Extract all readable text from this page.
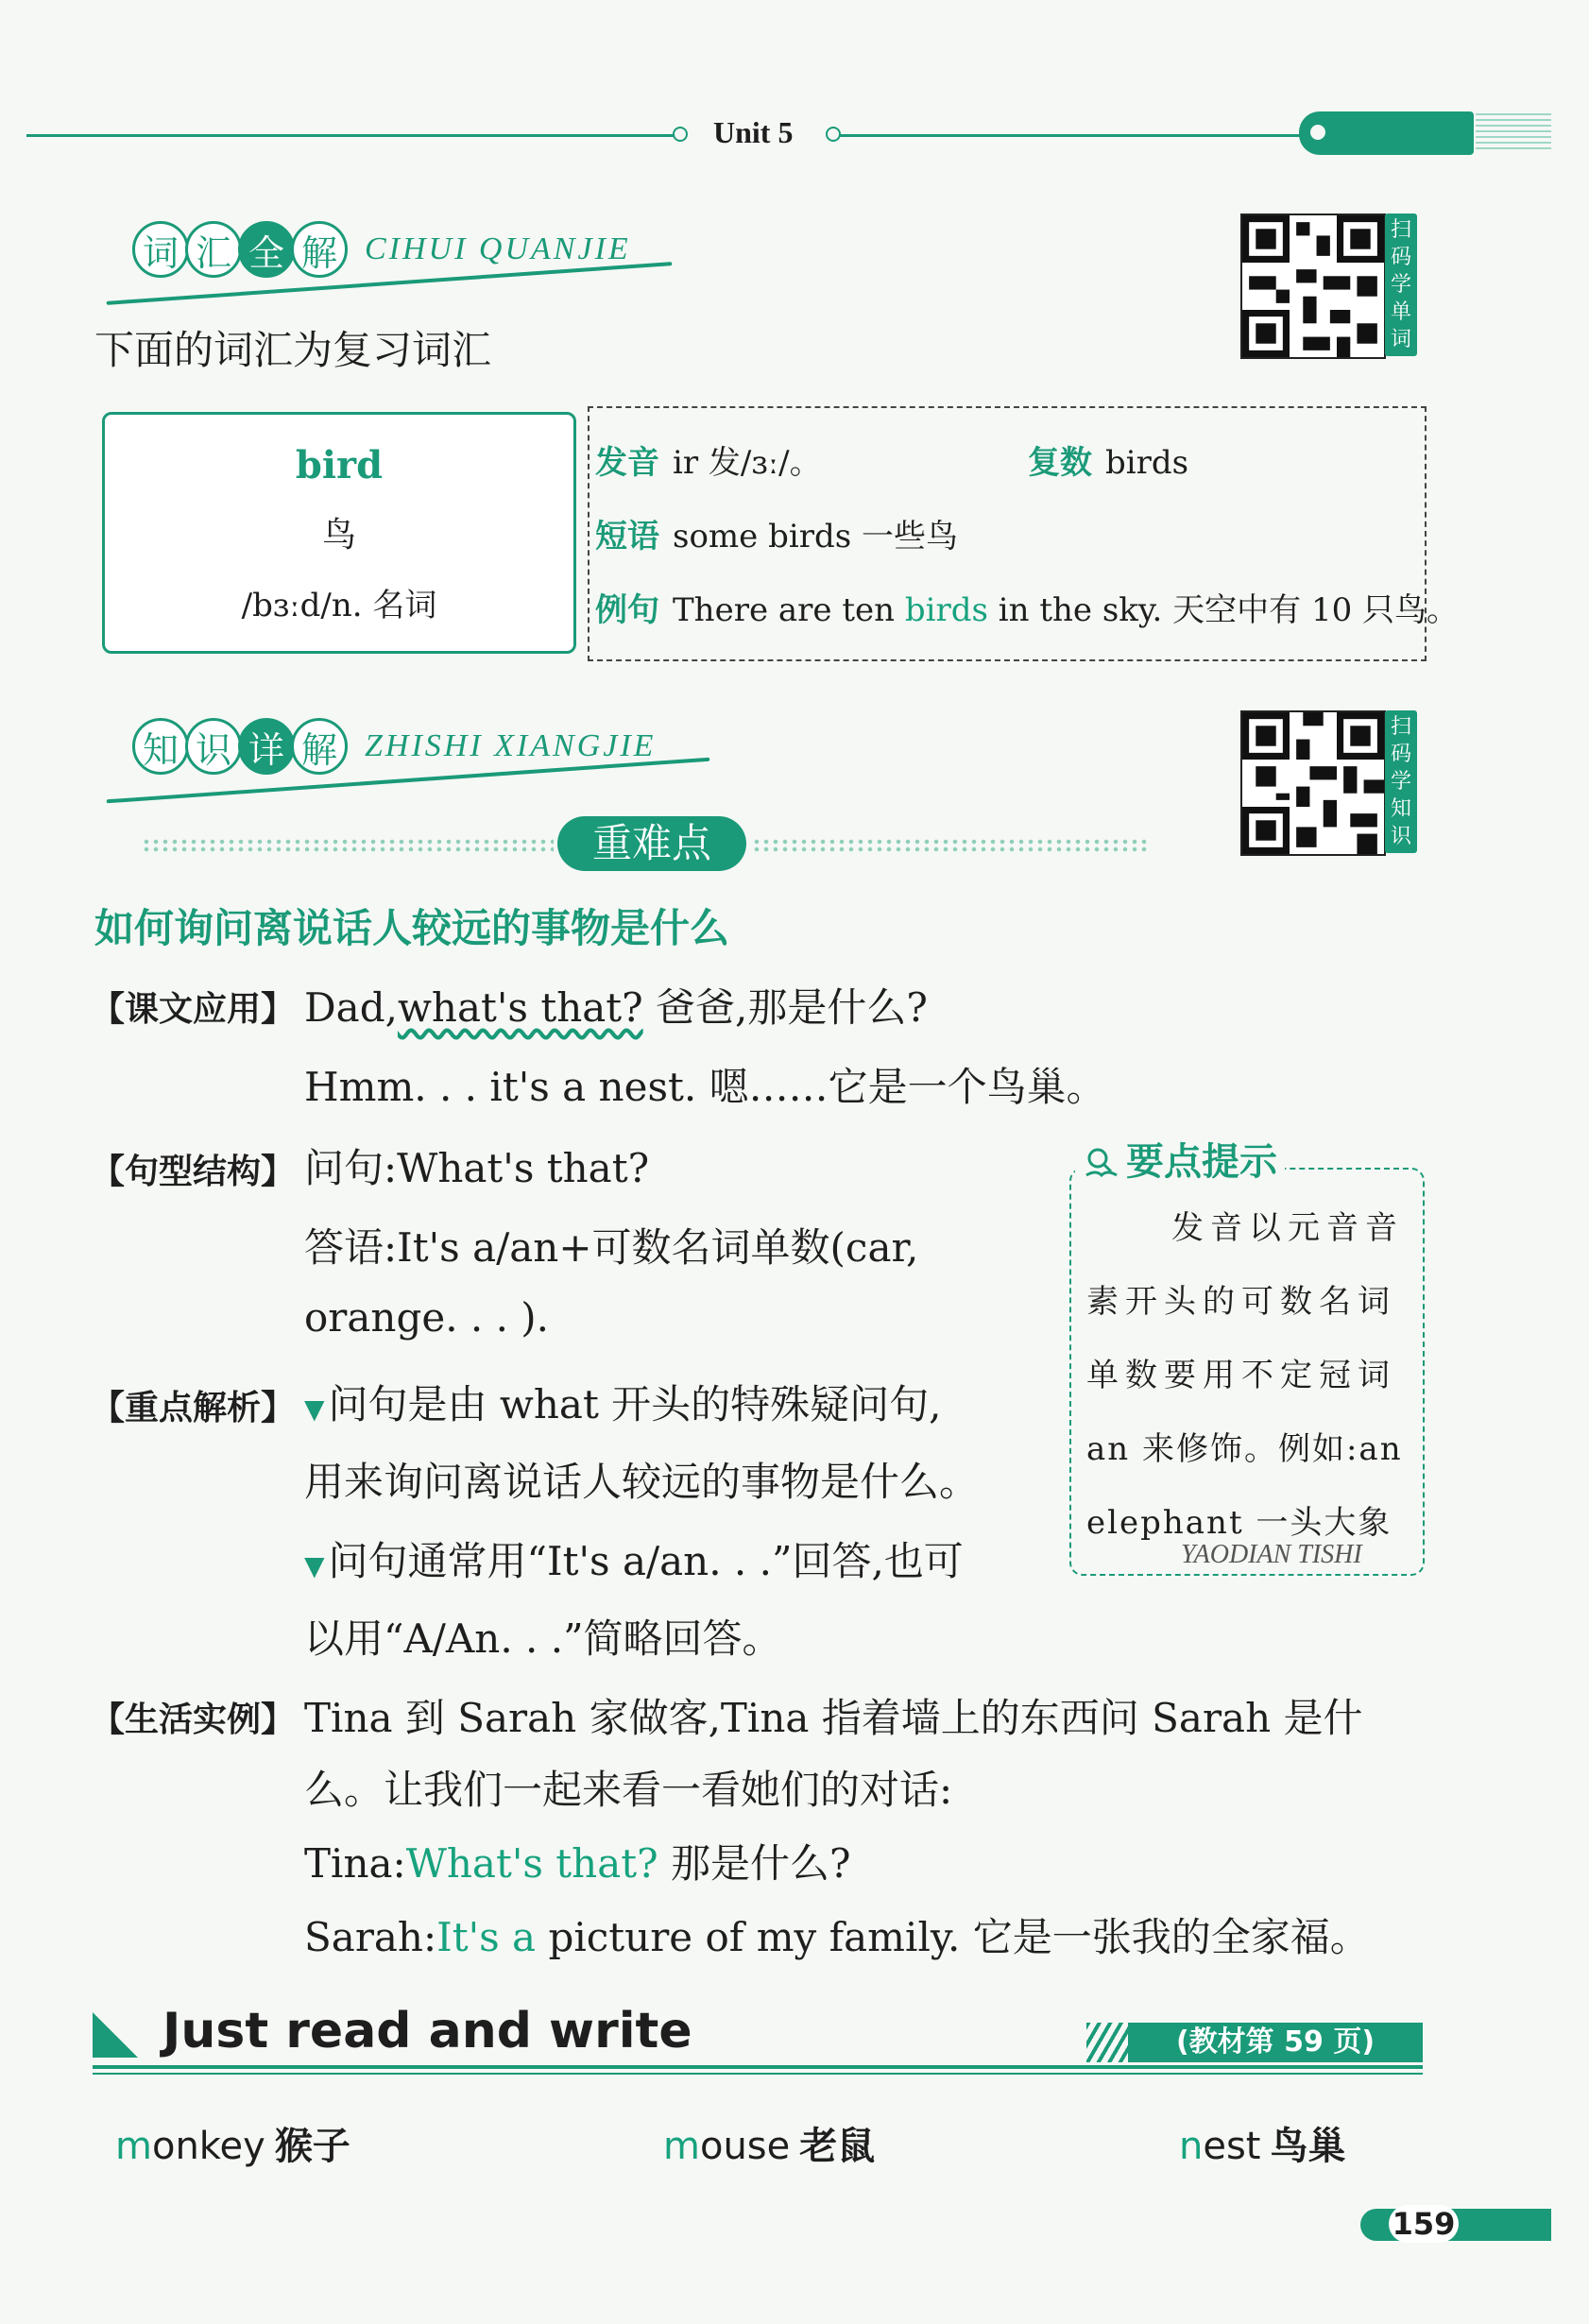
Unit 5
词 汇 全 解 CIHUI QUANJIE
扫
码
学
单
词
下面的词汇为复习词汇
bird
鸟
/bɜːd/n. 名词
发音 ir 发/ɜː/。	复数 birds
短语 some birds 一些鸟
例句 There are ten birds in the sky. 天空中有 10 只鸟。
知 识 详 解 ZHISHI XIANGJIE
扫
码
学
知
识
重难点
如何询问离说话人较远的事物是什么
【课文应用】 Dad,what's that? 爸爸,那是什么?
Hmm. . . it's a nest. 嗯……它是一个鸟巢。
【句型结构】 问句:What's that?
答语:It's a/an+可数名词单数(car,
orange. . . ).
【重点解析】 ▼问句是由 what 开头的特殊疑问句,
用来询问离说话人较远的事物是什么。
▼问句通常用“It's a/an. . .”回答,也可
以用“A/An. . .”简略回答。
【生活实例】 Tina 到 Sarah 家做客,Tina 指着墙上的东西问 Sarah 是什
么。让我们一起来看一看她们的对话:
Tina:What's that? 那是什么?
Sarah:It's a picture of my family. 它是一张我的全家福。
要点提示
发音以元音音
素开头的可数名词
单数要用不定冠词
an 来修饰。例如:an
elephant 一头大象
YAODIAN TISHI
Just read and write	(教材第 59 页)
monkey 猴子	mouse 老鼠	nest 鸟巢
159
